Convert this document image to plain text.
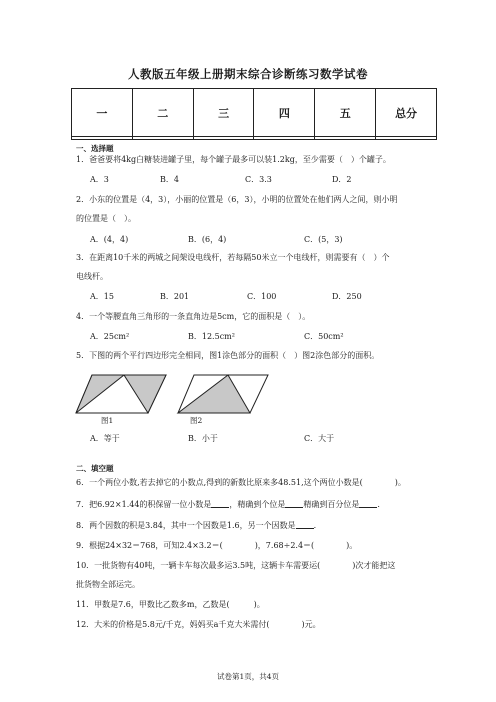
人教版五年级上册期末综合诊断练习数学试卷
一	二	三	四	五	总分

一、选择题
1．爸爸要将4kg白糖装进罐子里，每个罐子最多可以装1.2kg，至少需要（　）个罐子。
A．3	B．4	C．3.3	D．2
2．小东的位置是（4，3），小丽的位置是（6，3），小明的位置处在他们两人之间，则小明
的位置是（　）。
A．(4，4)	B．(6，4)	C．(5，3)
3．在距离10千米的两城之间架设电线杆，若每隔50米立一个电线杆，则需要有（　）个
电线杆。
A．15	B．201	C．100	D．250
4．一个等腰直角三角形的一条直角边是5cm，它的面积是（　）。
A．25cm²	B．12.5cm²	C．50cm²
5．下图的两个平行四边形完全相同，图1涂色部分的面积（　）图2涂色部分的面积。
图1	图2
A．等于	B．小于	C．大于
二、填空题
6．一个两位小数,若去掉它的小数点,得到的新数比原来多48.51,这个两位小数是(　　　　)。
7．把6.92×1.44的积保留一位小数是 ，精确到个位是 精确到百分位是 .
8．两个因数的积是3.84，其中一个因数是1.6，另一个因数是 .
9．根据24×32＝768，可知2.4×3.2＝(　　　　)，7.68÷2.4＝(　　　　)。
10．一批货物有40吨，一辆卡车每次最多运3.5吨，这辆卡车需要运(　　　　)次才能把这
批货物全部运完。
11．甲数是7.6，甲数比乙数多m，乙数是(　　　)。
12．大米的价格是5.8元/千克，妈妈买a千克大米需付(　　　　)元。
试卷第1页，共4页
